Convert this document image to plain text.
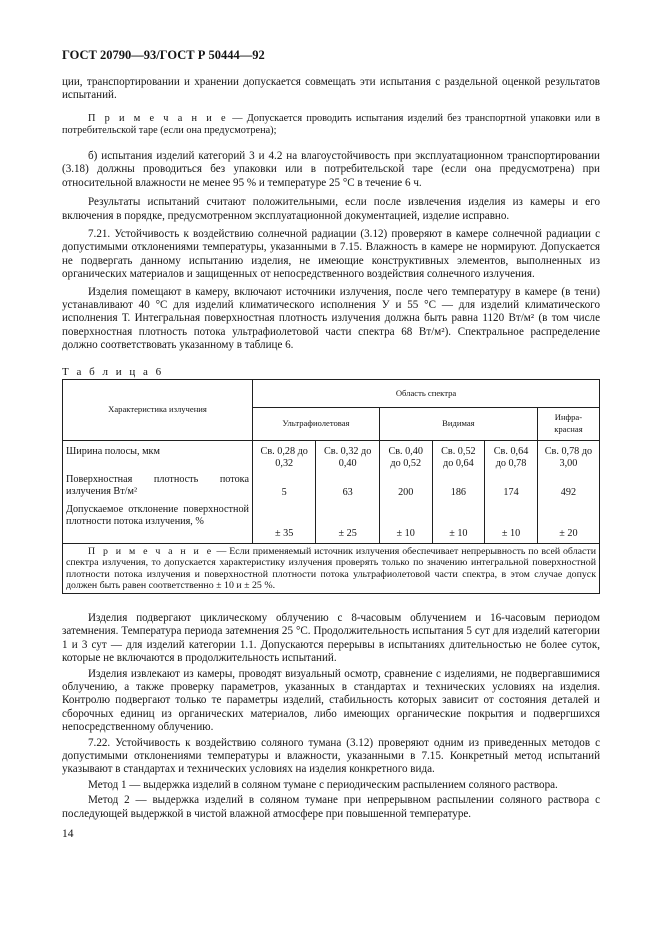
ГОСТ 20790—93/ГОСТ Р 50444—92

ции, транспортировании и хранении допускается совмещать эти испытания с раздельной оценкой результатов испытаний.

П р и м е ч а н и е — Допускается проводить испытания изделий без транспортной упаковки или в потребительской таре (если она предусмотрена);

б) испытания изделий категорий 3 и 4.2 на влагоустойчивость при эксплуатационном транспортировании (3.18) должны проводиться без упаковки или в потребительской таре (если она предусмотрена) при относительной влажности не менее 95 % и температуре 25 °С в течение 6 ч.

Результаты испытаний считают положительными, если после извлечения изделия из камеры и его включения в порядке, предусмотренном эксплуатационной документацией, изделие исправно.

7.21. Устойчивость к воздействию солнечной радиации (3.12) проверяют в камере солнечной радиации с допустимыми отклонениями температуры, указанными в 7.15. Влажность в камере не нормируют. Допускается не подвергать данному испытанию изделия, не имеющие конструктивных элементов, выполненных из органических материалов и защищенных от непосредственного воздействия солнечного излучения.

Изделия помещают в камеру, включают источники излучения, после чего температуру в камере (в тени) устанавливают 40 °С для изделий климатического исполнения У и 55 °С — для изделий климатического исполнения Т. Интегральная поверхностная плотность излучения должна быть равна 1120 Вт/м² (в том числе поверхностная плотность потока ультрафиолетовой части спектра 68 Вт/м²). Спектральное распределение должно соответствовать указанному в таблице 6.

Т а б л и ц а 6
Характеристика излучения	Область спектра					
	Ультрафиолетовая		Видимая			Инфра-красная
Ширина полосы, мкм	Св. 0,28 до 0,32	Св. 0,32 до 0,40	Св. 0,40 до 0,52	Св. 0,52 до 0,64	Св. 0,64 до 0,78	Св. 0,78 до 3,00
Поверхностная плотность потока излучения Вт/м²	5	63	200	186	174	492
Допускаемое отклонение поверхностной плотности потока излучения, %	± 35	± 25	± 10	± 10	± 10	± 20
П р и м е ч а н и е — Если применяемый источник излучения обеспечивает непрерывность по всей области спектра излучения, то допускается характеристику излучения проверять только по значению интегральной поверхностной плотности потока излучения и поверхностной плотности потока ультрафиолетовой части спектра, в этом случае допуск должен быть равен соответственно ± 10 и ± 25 %.						

Изделия подвергают циклическому облучению с 8-часовым облучением и 16-часовым периодом затемнения. Температура периода затемнения 25 °С. Продолжительность испытания 5 сут для изделий категории 1 и 3 сут — для изделий категории 1.1. Допускаются перерывы в испытаниях длительностью не более суток, которые не включаются в продолжительность испытаний.

Изделия извлекают из камеры, проводят визуальный осмотр, сравнение с изделиями, не подвергавшимися облучению, а также проверку параметров, указанных в стандартах и технических условиях на изделия. Контролю подвергают только те параметры изделий, стабильность которых зависит от состояния деталей и сборочных единиц из органических материалов, либо имеющих органические покрытия и подвергшихся непосредственному облучению.

7.22. Устойчивость к воздействию соляного тумана (3.12) проверяют одним из приведенных методов с допустимыми отклонениями температуры и влажности, указанными в 7.15. Конкретный метод испытаний указывают в стандартах и технических условиях на изделия конкретного вида.

Метод 1 — выдержка изделий в соляном тумане с периодическим распылением соляного раствора.

Метод 2 — выдержка изделий в соляном тумане при непрерывном распылении соляного раствора с последующей выдержкой в чистой влажной атмосфере при повышенной температуре.

14
